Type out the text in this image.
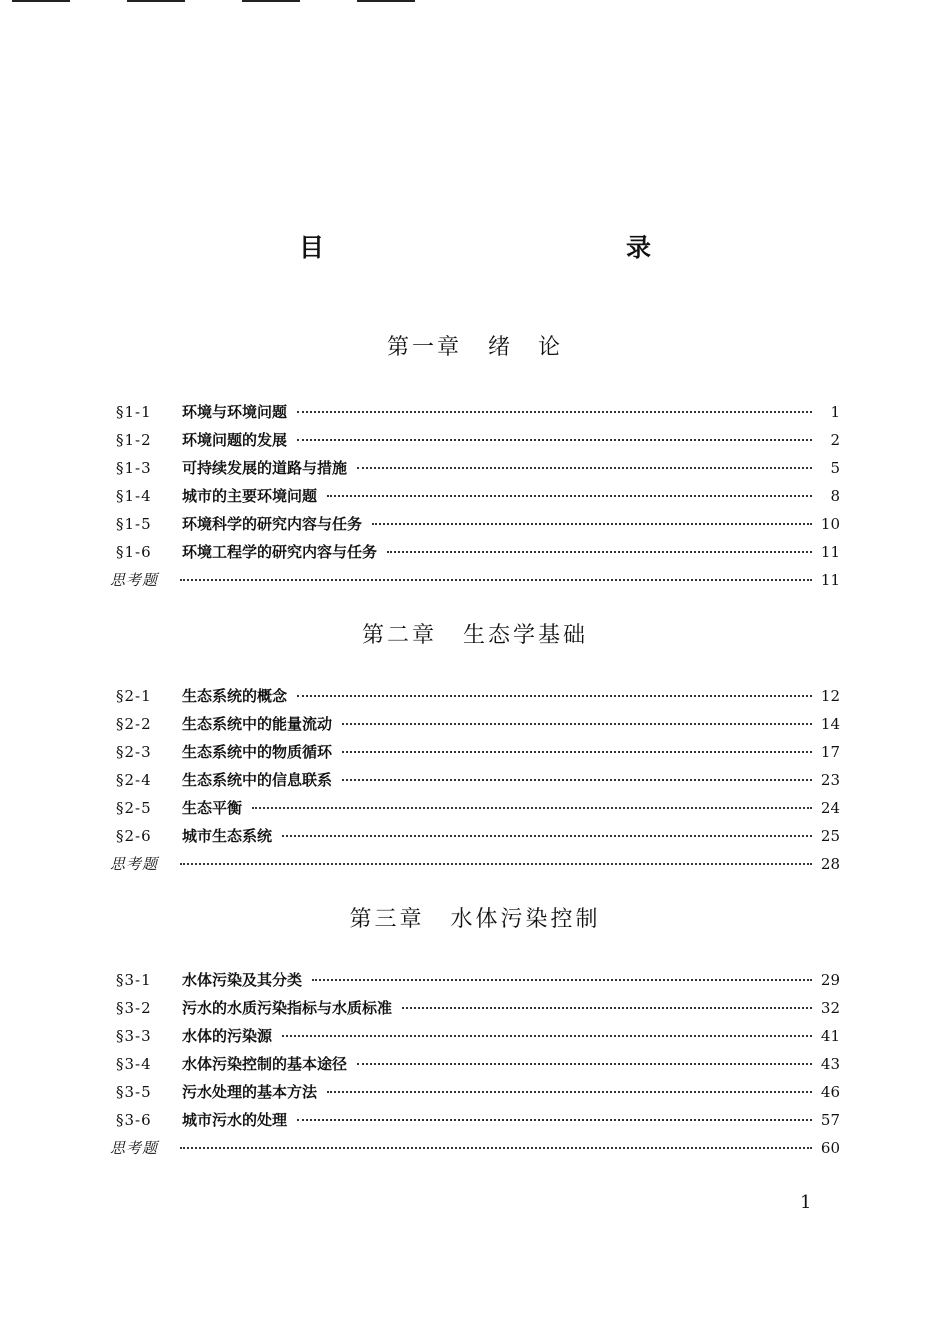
目　　录
第一章 绪　论
§1-1	环境与环境问题	1
§1-2	环境问题的发展	2
§1-3	可持续发展的道路与措施	5
§1-4	城市的主要环境问题	8
§1-5	环境科学的研究内容与任务	10
§1-6	环境工程学的研究内容与任务	11
思考题	11
第二章 生态学基础
§2-1	生态系统的概念	12
§2-2	生态系统中的能量流动	14
§2-3	生态系统中的物质循环	17
§2-4	生态系统中的信息联系	23
§2-5	生态平衡	24
§2-6	城市生态系统	25
思考题	28
第三章 水体污染控制
§3-1	水体污染及其分类	29
§3-2	污水的水质污染指标与水质标准	32
§3-3	水体的污染源	41
§3-4	水体污染控制的基本途径	43
§3-5	污水处理的基本方法	46
§3-6	城市污水的处理	57
思考题	60
1
